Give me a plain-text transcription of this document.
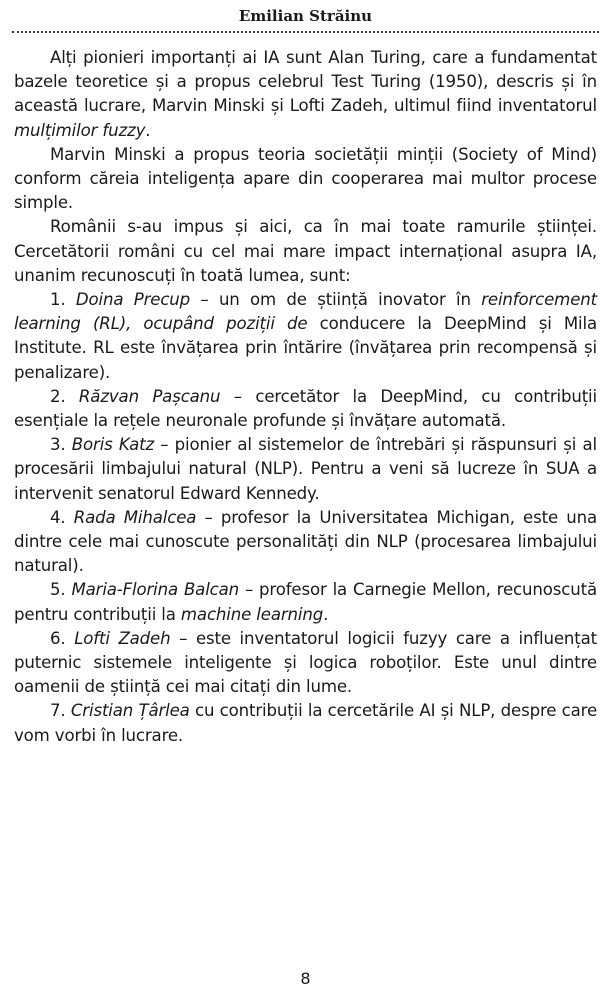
Emilian Străinu

Alți pionieri importanți ai IA sunt Alan Turing, care a fundamentat bazele teoretice și a propus celebrul Test Turing (1950), descris și în această lucrare, Marvin Minski și Lofti Zadeh, ultimul fiind inventatorul mulțimilor fuzzy.

Marvin Minski a propus teoria societății minții (Society of Mind) conform căreia inteligența apare din cooperarea mai multor procese simple.

Românii s-au impus și aici, ca în mai toate ramurile științei. Cercetătorii români cu cel mai mare impact internațional asupra IA, unanim recunoscuți în toată lumea, sunt:

1. Doina Precup – un om de știință inovator în reinforcement learning (RL), ocupând poziții de conducere la DeepMind și Mila Institute. RL este învățarea prin întărire (învățarea prin recompensă și penalizare).

2. Răzvan Pașcanu – cercetător la DeepMind, cu contribuții esențiale la rețele neuronale profunde și învățare automată.

3. Boris Katz – pionier al sistemelor de întrebări și răspunsuri și al procesării limbajului natural (NLP). Pentru a veni să lucreze în SUA a intervenit senatorul Edward Kennedy.

4. Rada Mihalcea – profesor la Universitatea Michigan, este una dintre cele mai cunoscute personalități din NLP (procesarea limbajului natural).

5. Maria-Florina Balcan – profesor la Carnegie Mellon, recunoscută pentru contribuții la machine learning.

6. Lofti Zadeh – este inventatorul logicii fuzyy care a influențat puternic sistemele inteligente și logica roboților. Este unul dintre oamenii de știință cei mai citați din lume.

7. Cristian Țârlea cu contribuții la cercetările AI și NLP, despre care vom vorbi în lucrare.

8
